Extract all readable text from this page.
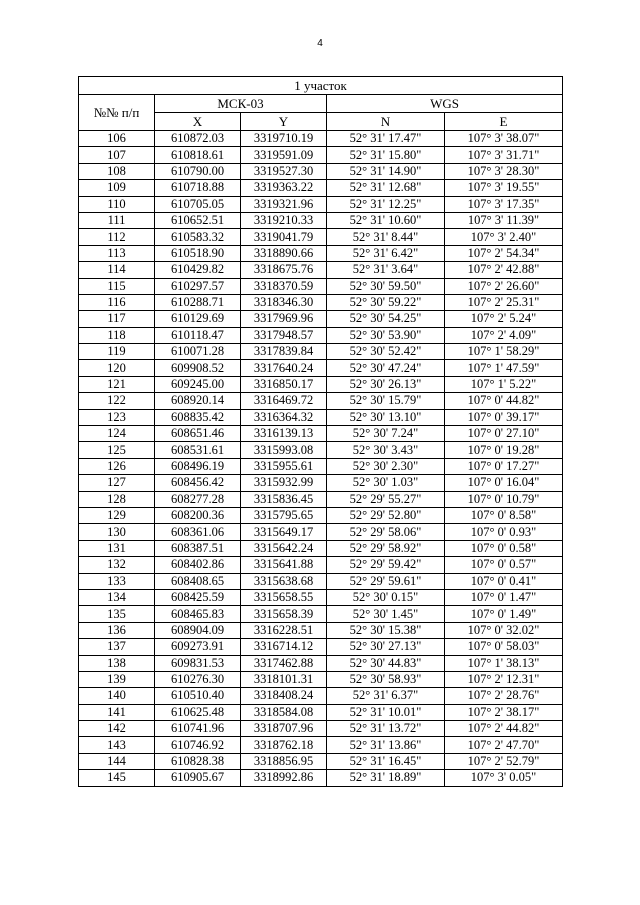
4
1 участок				
№№ п/п	МСК-03		WGS	
	X	Y	N	E
106	610872.03	3319710.19	52° 31' 17.47"	107° 3' 38.07"
107	610818.61	3319591.09	52° 31' 15.80"	107° 3' 31.71"
108	610790.00	3319527.30	52° 31' 14.90"	107° 3' 28.30"
109	610718.88	3319363.22	52° 31' 12.68"	107° 3' 19.55"
110	610705.05	3319321.96	52° 31' 12.25"	107° 3' 17.35"
111	610652.51	3319210.33	52° 31' 10.60"	107° 3' 11.39"
112	610583.32	3319041.79	52° 31' 8.44"	107° 3' 2.40"
113	610518.90	3318890.66	52° 31' 6.42"	107° 2' 54.34"
114	610429.82	3318675.76	52° 31' 3.64"	107° 2' 42.88"
115	610297.57	3318370.59	52° 30' 59.50"	107° 2' 26.60"
116	610288.71	3318346.30	52° 30' 59.22"	107° 2' 25.31"
117	610129.69	3317969.96	52° 30' 54.25"	107° 2' 5.24"
118	610118.47	3317948.57	52° 30' 53.90"	107° 2' 4.09"
119	610071.28	3317839.84	52° 30' 52.42"	107° 1' 58.29"
120	609908.52	3317640.24	52° 30' 47.24"	107° 1' 47.59"
121	609245.00	3316850.17	52° 30' 26.13"	107° 1' 5.22"
122	608920.14	3316469.72	52° 30' 15.79"	107° 0' 44.82"
123	608835.42	3316364.32	52° 30' 13.10"	107° 0' 39.17"
124	608651.46	3316139.13	52° 30' 7.24"	107° 0' 27.10"
125	608531.61	3315993.08	52° 30' 3.43"	107° 0' 19.28"
126	608496.19	3315955.61	52° 30' 2.30"	107° 0' 17.27"
127	608456.42	3315932.99	52° 30' 1.03"	107° 0' 16.04"
128	608277.28	3315836.45	52° 29' 55.27"	107° 0' 10.79"
129	608200.36	3315795.65	52° 29' 52.80"	107° 0' 8.58"
130	608361.06	3315649.17	52° 29' 58.06"	107° 0' 0.93"
131	608387.51	3315642.24	52° 29' 58.92"	107° 0' 0.58"
132	608402.86	3315641.88	52° 29' 59.42"	107° 0' 0.57"
133	608408.65	3315638.68	52° 29' 59.61"	107° 0' 0.41"
134	608425.59	3315658.55	52° 30' 0.15"	107° 0' 1.47"
135	608465.83	3315658.39	52° 30' 1.45"	107° 0' 1.49"
136	608904.09	3316228.51	52° 30' 15.38"	107° 0' 32.02"
137	609273.91	3316714.12	52° 30' 27.13"	107° 0' 58.03"
138	609831.53	3317462.88	52° 30' 44.83"	107° 1' 38.13"
139	610276.30	3318101.31	52° 30' 58.93"	107° 2' 12.31"
140	610510.40	3318408.24	52° 31' 6.37"	107° 2' 28.76"
141	610625.48	3318584.08	52° 31' 10.01"	107° 2' 38.17"
142	610741.96	3318707.96	52° 31' 13.72"	107° 2' 44.82"
143	610746.92	3318762.18	52° 31' 13.86"	107° 2' 47.70"
144	610828.38	3318856.95	52° 31' 16.45"	107° 2' 52.79"
145	610905.67	3318992.86	52° 31' 18.89"	107° 3' 0.05"
